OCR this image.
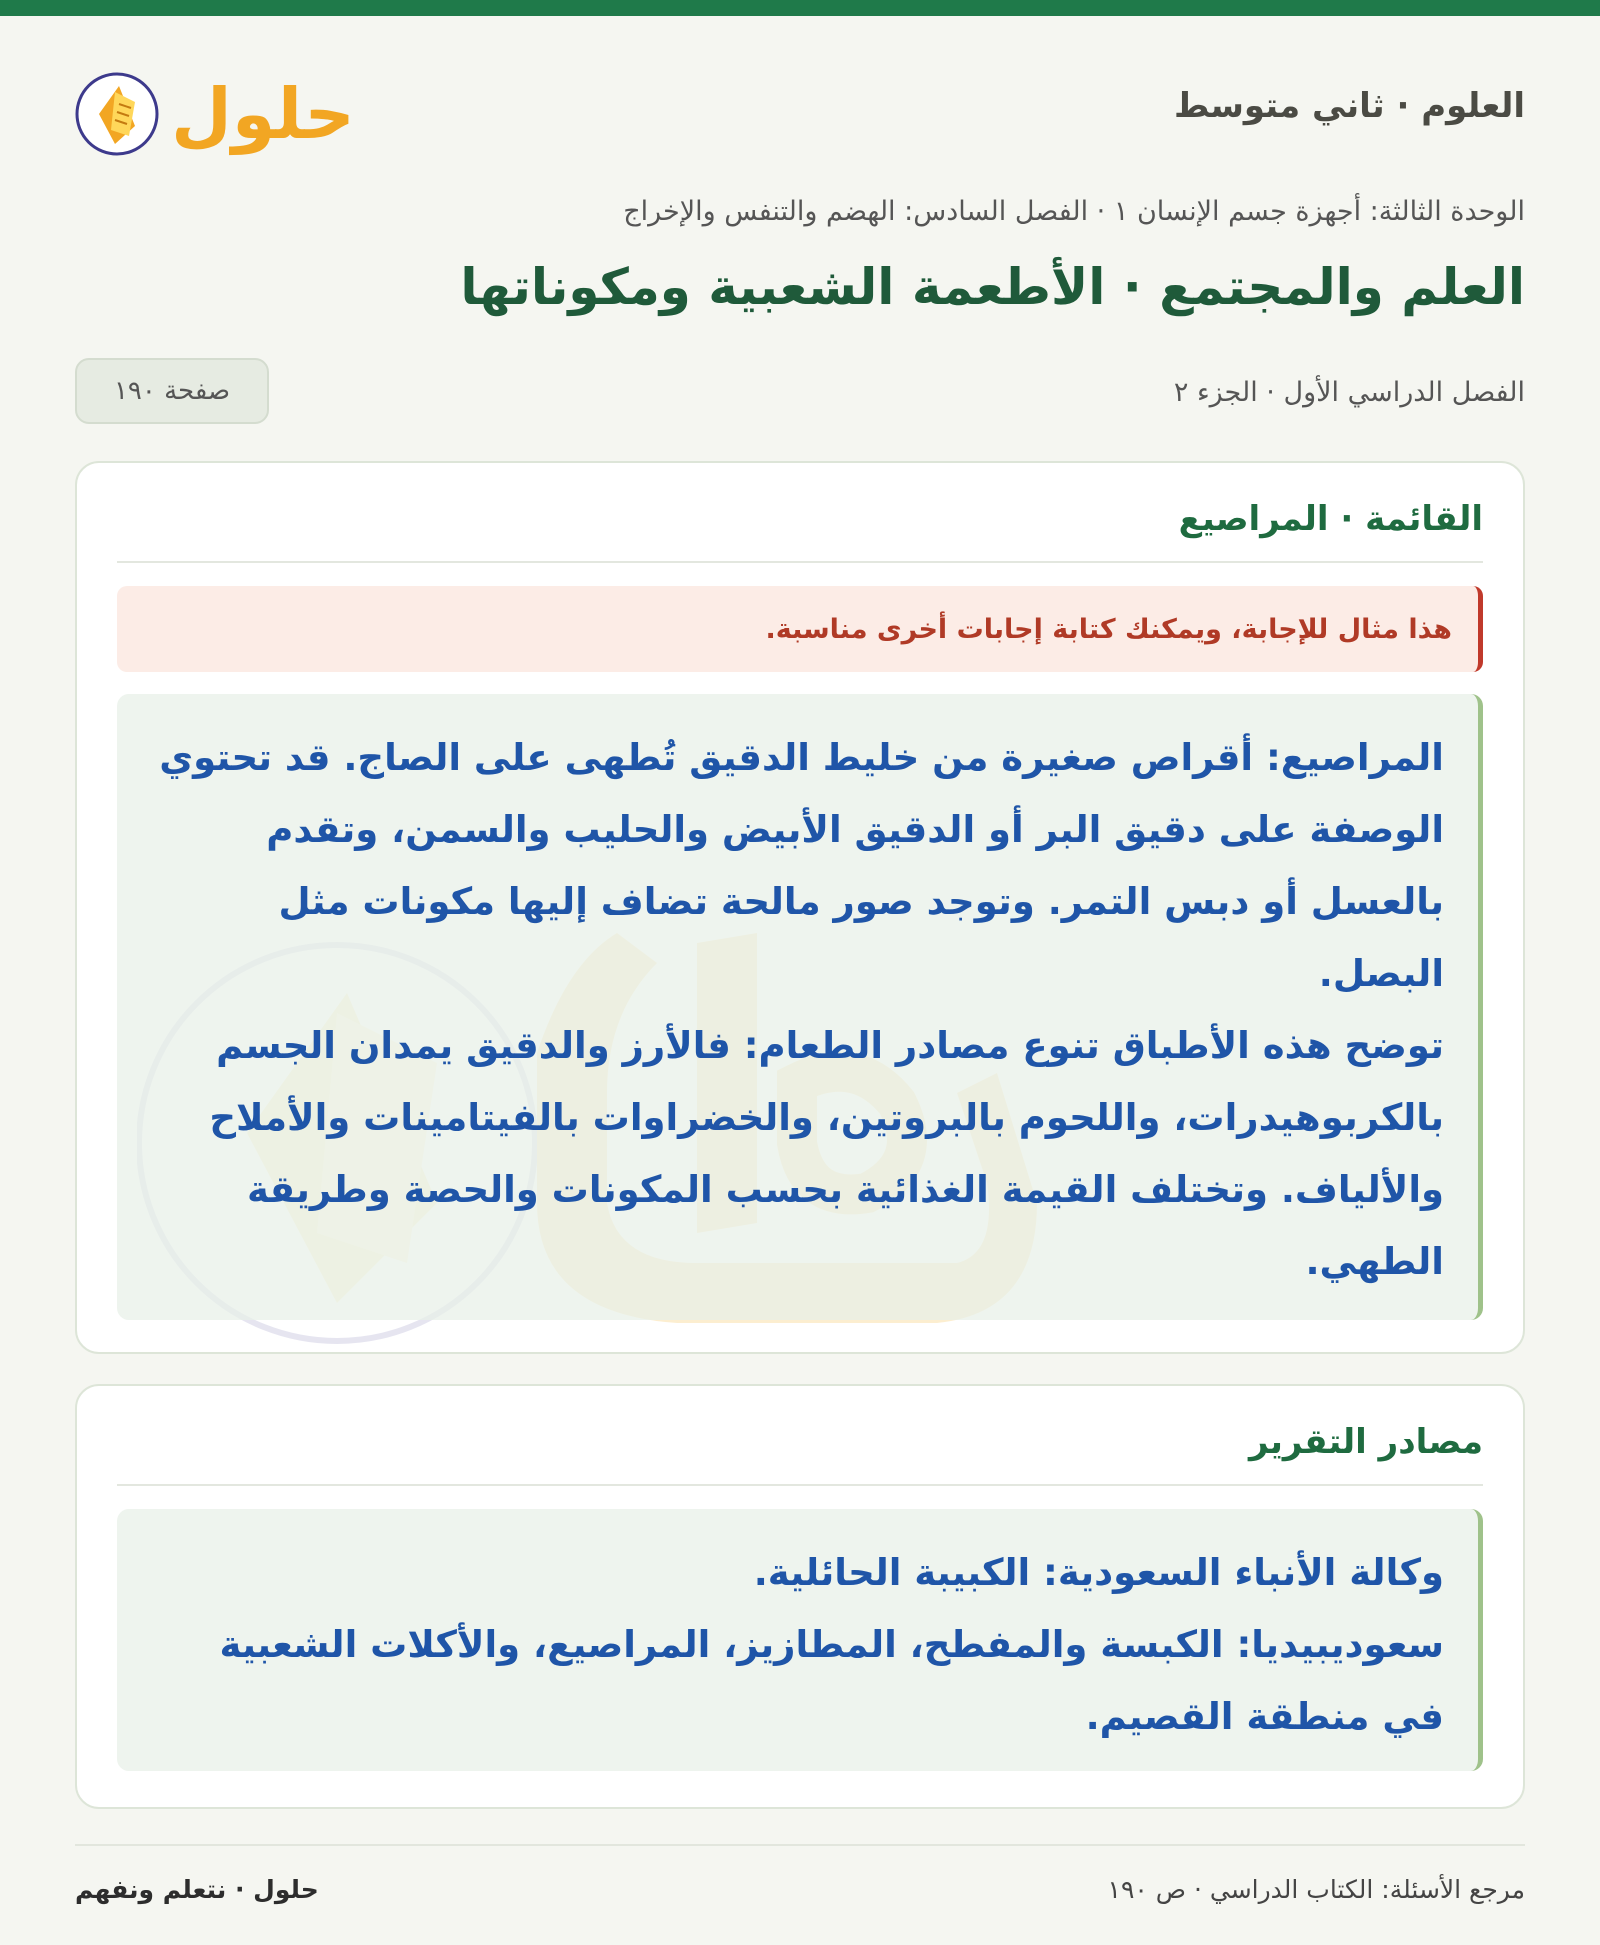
العلوم · ثاني متوسط
حلول
الوحدة الثالثة: أجهزة جسم الإنسان ١ · الفصل السادس: الهضم والتنفس والإخراج
العلم والمجتمع · الأطعمة الشعبية ومكوناتها
الفصل الدراسي الأول · الجزء ٢
صفحة ١٩٠
القائمة · المراصيع
هذا مثال للإجابة، ويمكنك كتابة إجابات أخرى مناسبة.

المراصيع: أقراص صغيرة من خليط الدقيق تُطهى على الصاج. قد تحتوي الوصفة على دقيق البر أو الدقيق الأبيض والحليب والسمن، وتقدم بالعسل أو دبس التمر. وتوجد صور مالحة تضاف إليها مكونات مثل البصل.

توضح هذه الأطباق تنوع مصادر الطعام: فالأرز والدقيق يمدان الجسم بالكربوهيدرات، واللحوم بالبروتين، والخضراوات بالفيتامينات والأملاح والألياف. وتختلف القيمة الغذائية بحسب المكونات والحصة وطريقة الطهي.

مصادر التقرير

وكالة الأنباء السعودية: الكبيبة الحائلية.

سعوديبيديا: الكبسة والمفطح، المطازيز، المراصيع، والأكلات الشعبية في منطقة القصيم.

مرجع الأسئلة: الكتاب الدراسي · ص ١٩٠
حلول · نتعلم ونفهم
